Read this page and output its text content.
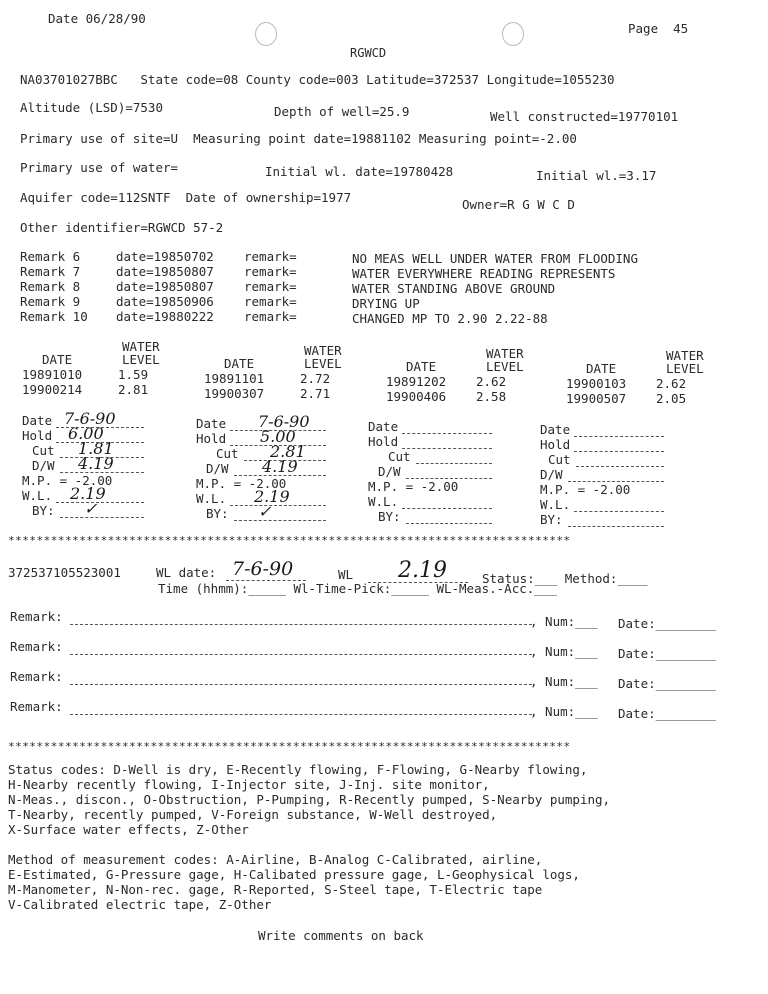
Date 06/28/90
Page  45
RGWCD
NA03701027BBC   State code=08 County code=003 Latitude=372537 Longitude=1055230
Altitude (LSD)=7530	Depth of well=25.9	Well constructed=19770101
Primary use of site=U  Measuring point date=19881102 Measuring point=-2.00
Primary use of water=	Initial wl. date=19780428	Initial wl.=3.17
Aquifer code=112SNTF  Date of ownership=1977	Owner=R G W C D
Other identifier=RGWCD 57-2
Remark 6	date=19850702 remark=	NO MEAS WELL UNDER WATER FROM FLOODING
Remark 7	date=19850807 remark=	WATER EVERYWHERE READING REPRESENTS
Remark 8	date=19850807 remark=	WATER STANDING ABOVE GROUND
Remark 9	date=19850906 remark=	DRYING UP
Remark 10 date=19880222 remark=	CHANGED MP TO 2.90 2.22-88
WATER
DATE	LEVEL
19891010	1.59
19900214	2.81
WATER
DATE	LEVEL
19891101	2.72
19900307	2.71
WATER
DATE	LEVEL
19891202 2.62
19900406 2.58
WATER
DATE	LEVEL
19900103 2.62
19900507 2.05
Date 7-6-90
Hold 6.00
Cut 1.81
D/W 4.19
M.P. = -2.00
W.L. 2.19
BY: ✓
Date 7-6-90
Hold 5.00
Cut 2.81
D/W 4.19
M.P. = -2.00
W.L. 2.19
BY: ✓
Date
Hold
Cut
D/W
M.P. = -2.00
W.L.
BY:
Date
Hold
Cut
D/W
M.P. = -2.00
W.L.
BY:
*******************************************************************************
372537105523001	WL date: 7-6-90	WL 2.19	Status:___ Method:____
Time (hhmm):_____ Wl-Time-Pick:_____ WL-Meas.-Acc.___
Remark:	, Num:___ Date:________
Remark:	, Num:___ Date:________
Remark:	, Num:___ Date:________
Remark:	, Num:___ Date:________
*******************************************************************************
Status codes: D-Well is dry, E-Recently flowing, F-Flowing, G-Nearby flowing,
H-Nearby recently flowing, I-Injector site, J-Inj. site monitor,
N-Meas., discon., O-Obstruction, P-Pumping, R-Recently pumped, S-Nearby pumping,
T-Nearby, recently pumped, V-Foreign substance, W-Well destroyed,
X-Surface water effects, Z-Other
Method of measurement codes: A-Airline, B-Analog C-Calibrated, airline,
E-Estimated, G-Pressure gage, H-Calibated pressure gage, L-Geophysical logs,
M-Manometer, N-Non-rec. gage, R-Reported, S-Steel tape, T-Electric tape
V-Calibrated electric tape, Z-Other
Write comments on back
